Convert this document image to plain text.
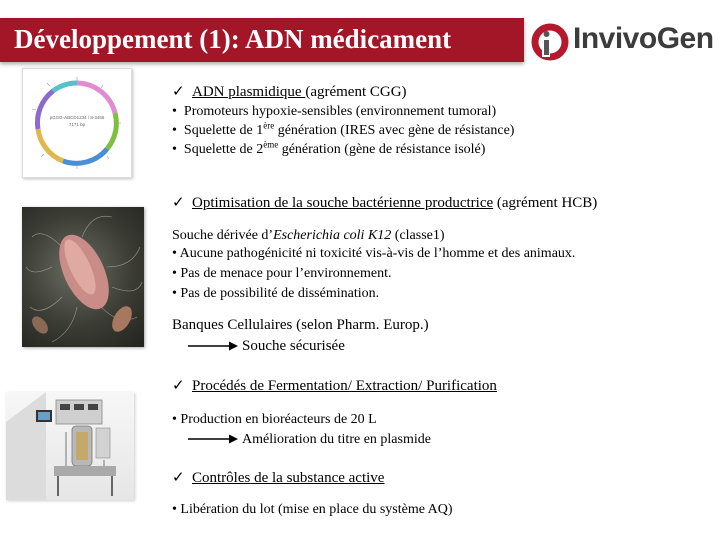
Développement (1): ADN médicament	InvivoGen
pGGG-ABCD1234 / 8-3456
7171 bp
✓ ADN plasmidique (agrément CGG)
•  Promoteurs hypoxie-sensibles (environnement tumoral)
•  Squelette de 1ère génération (IRES avec gène de résistance)
•  Squelette de 2ème génération (gène de résistance isolé)
✓ Optimisation de la souche bactérienne productrice (agrément HCB)
Souche dérivée d’Escherichia coli K12 (classe1)
• Aucune pathogénicité ni toxicité vis-à-vis de l’homme et des animaux.
• Pas de menace pour l’environnement.
• Pas de possibilité de dissémination.
Banques Cellulaires (selon Pharm. Europ.)
Souche sécurisée
✓ Procédés de Fermentation/ Extraction/ Purification
• Production en bioréacteurs de 20 L
Amélioration du titre en plasmide
✓ Contrôles de la substance active
• Libération du lot (mise en place du système AQ)
